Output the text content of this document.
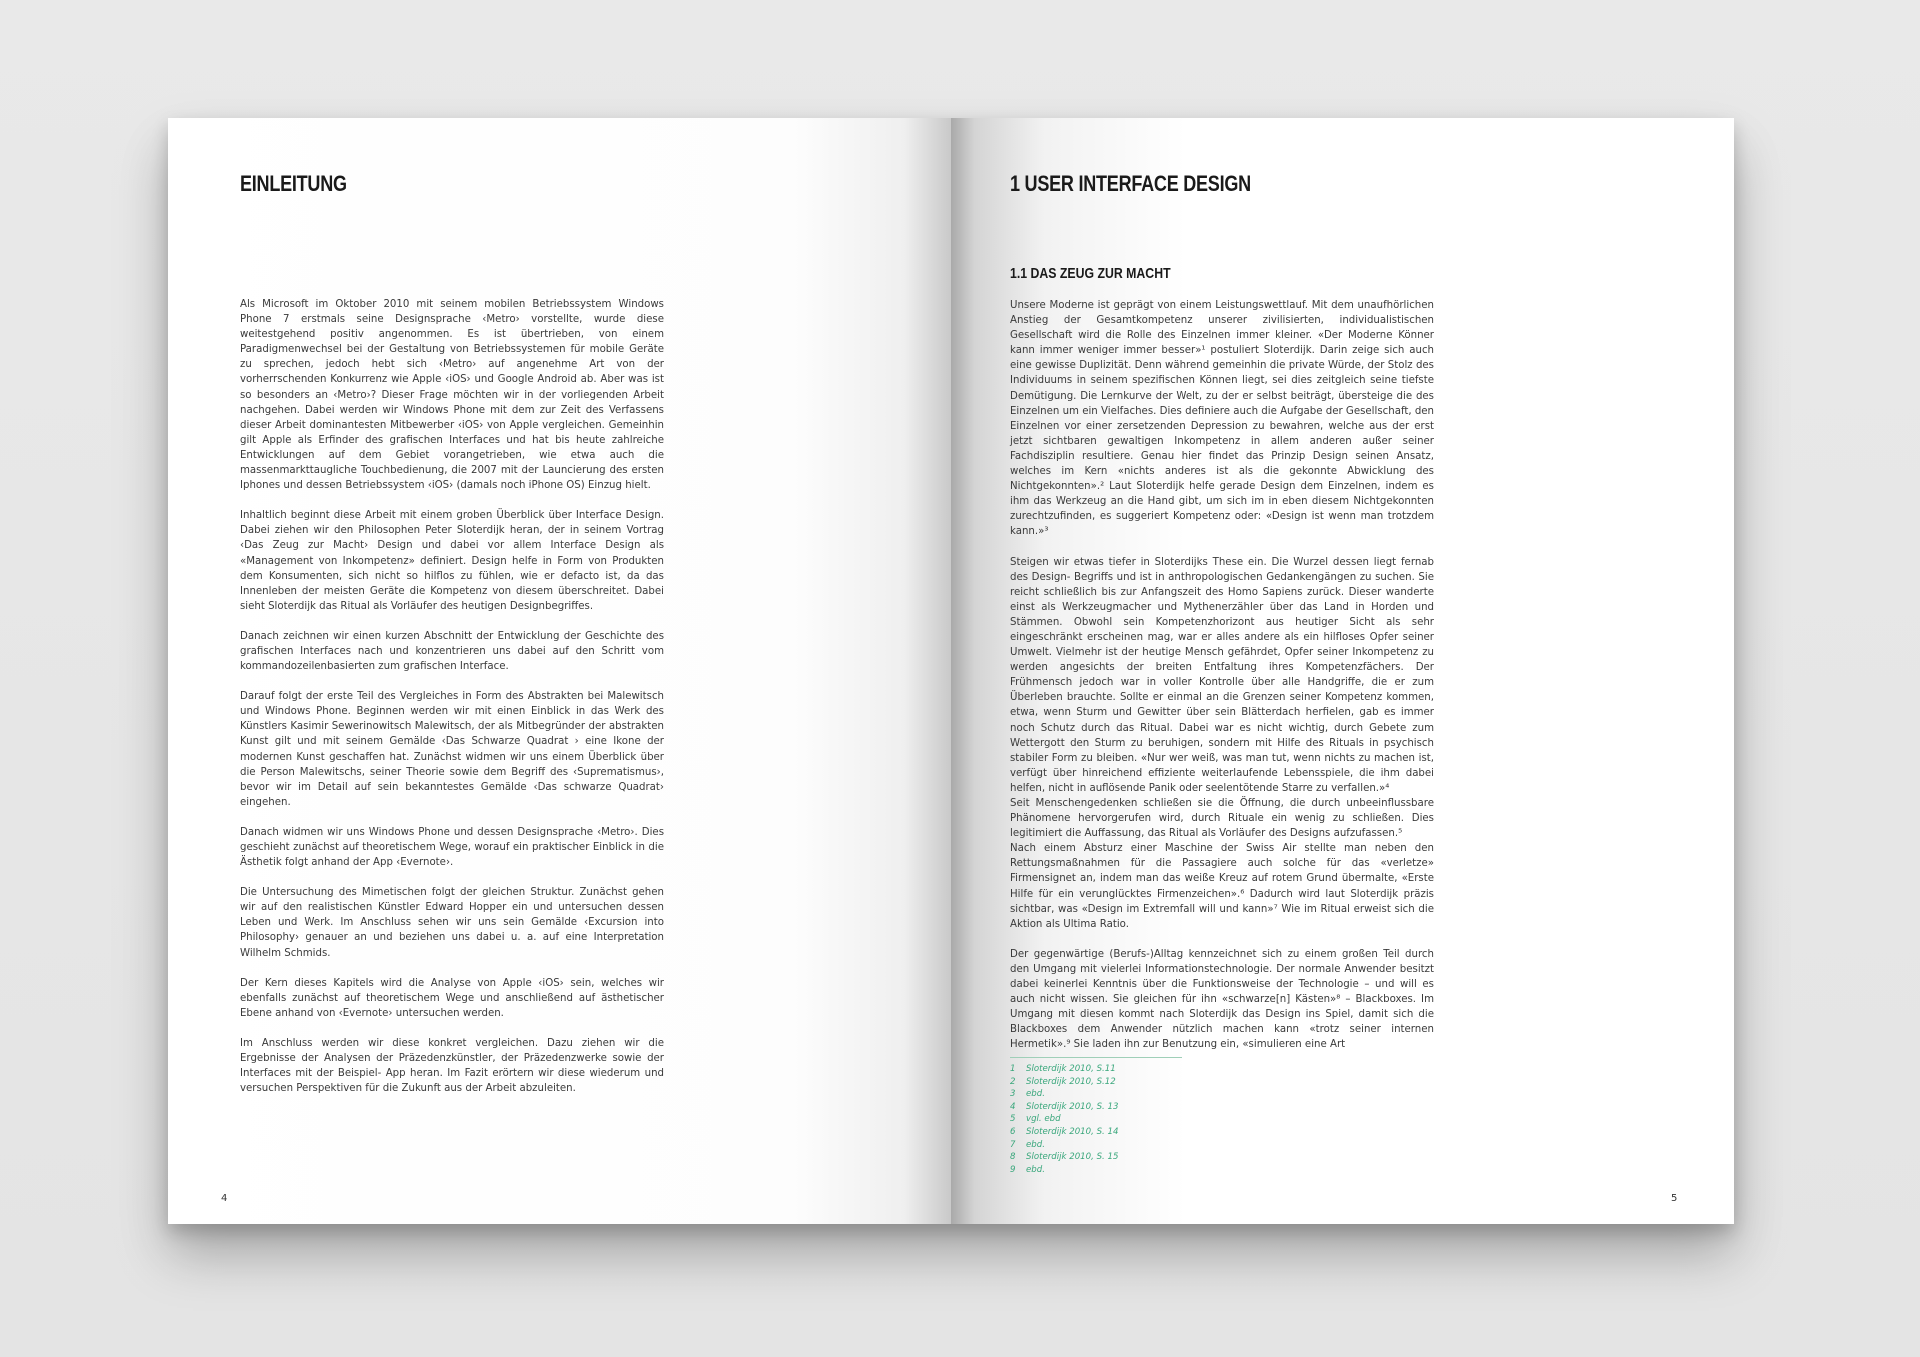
EINLEITUNG

Als Microsoft im Oktober 2010 mit seinem mobilen Betriebssystem Windows Phone 7 erstmals seine Designsprache ‹Metro› vorstellte, wurde diese weitestgehend positiv angenommen. Es ist übertrieben, von einem Paradigmenwechsel bei der Gestaltung von Betriebssystemen für mobile Geräte zu sprechen, jedoch hebt sich ‹Metro› auf angenehme Art von der vorherrschenden Konkurrenz wie Apple ‹iOS› und Google Android ab. Aber was ist so besonders an ‹Metro›? Dieser Frage möchten wir in der vorliegenden Arbeit nachgehen. Dabei werden wir Windows Phone mit dem zur Zeit des Verfassens dieser Arbeit dominantesten Mitbewerber ‹iOS› von Apple vergleichen. Gemeinhin gilt Apple als Erfinder des grafischen Interfaces und hat bis heute zahlreiche Entwicklungen auf dem Gebiet vorangetrieben, wie etwa auch die massenmarkttaugliche Touchbedienung, die 2007 mit der Launcierung des ersten Iphones und dessen Betriebssystem ‹iOS› (damals noch iPhone OS) Einzug hielt.

Inhaltlich beginnt diese Arbeit mit einem groben Überblick über Interface Design. Dabei ziehen wir den Philosophen Peter Sloterdijk heran, der in seinem Vortrag ‹Das Zeug zur Macht› Design und dabei vor allem Interface Design als «Management von Inkompetenz» definiert. Design helfe in Form von Produkten dem Konsumenten, sich nicht so hilflos zu fühlen, wie er defacto ist, da das Innenleben der meisten Geräte die Kompetenz von diesem überschreitet. Dabei sieht Sloterdijk das Ritual als Vorläufer des heutigen Designbegriffes.

Danach zeichnen wir einen kurzen Abschnitt der Entwicklung der Geschichte des grafischen Interfaces nach und konzentrieren uns dabei auf den Schritt vom kommandozeilenbasierten zum grafischen Interface.

Darauf folgt der erste Teil des Vergleiches in Form des Abstrakten bei Malewitsch und Windows Phone. Beginnen werden wir mit einen Einblick in das Werk des Künstlers Kasimir Sewerinowitsch Malewitsch, der als Mitbegründer der abstrakten Kunst gilt und mit seinem Gemälde ‹Das Schwarze Quadrat › eine Ikone der modernen Kunst geschaffen hat. Zunächst widmen wir uns einem Überblick über die Person Malewitschs, seiner Theorie sowie dem Begriff des ‹Suprematismus›, bevor wir im Detail auf sein bekanntestes Gemälde ‹Das schwarze Quadrat› eingehen.

Danach widmen wir uns Windows Phone und dessen Designsprache ‹Metro›. Dies geschieht zunächst auf theoretischem Wege, worauf ein praktischer Einblick in die Ästhetik folgt anhand der App ‹Evernote›.

Die Untersuchung des Mimetischen folgt der gleichen Struktur. Zunächst gehen wir auf den realistischen Künstler Edward Hopper ein und untersuchen dessen Leben und Werk. Im Anschluss sehen wir uns sein Gemälde ‹Excursion into Philosophy› genauer an und beziehen uns dabei u. a. auf eine Interpretation Wilhelm Schmids.

Der Kern dieses Kapitels wird die Analyse von Apple ‹iOS› sein, welches wir ebenfalls zunächst auf theoretischem Wege und anschließend auf ästhetischer Ebene anhand von ‹Evernote› untersuchen werden.

Im Anschluss werden wir diese konkret vergleichen. Dazu ziehen wir die Ergebnisse der Analysen der Präzedenzkünstler, der Präzedenzwerke sowie der Interfaces mit der Beispiel- App heran. Im Fazit erörtern wir diese wiederum und versuchen Perspektiven für die Zukunft aus der Arbeit abzuleiten.

4
1 USER INTERFACE DESIGN
1.1 DAS ZEUG ZUR MACHT

Unsere Moderne ist geprägt von einem Leistungswettlauf. Mit dem unaufhörlichen Anstieg der Gesamtkompetenz unserer zivilisierten, individualistischen Gesellschaft wird die Rolle des Einzelnen immer kleiner. «Der Moderne Könner kann immer weniger immer besser»¹ postuliert Sloterdijk. Darin zeige sich auch eine gewisse Duplizität. Denn während gemeinhin die private Würde, der Stolz des Individuums in seinem spezifischen Können liegt, sei dies zeitgleich seine tiefste Demütigung. Die Lernkurve der Welt, zu der er selbst beiträgt, übersteige die des Einzelnen um ein Vielfaches. Dies definiere auch die Aufgabe der Gesellschaft, den Einzelnen vor einer zersetzenden Depression zu bewahren, welche aus der erst jetzt sichtbaren gewaltigen Inkompetenz in allem anderen außer seiner Fachdisziplin resultiere. Genau hier findet das Prinzip Design seinen Ansatz, welches im Kern «nichts anderes ist als die gekonnte Abwicklung des Nichtgekonnten».² Laut Sloterdijk helfe gerade Design dem Einzelnen, indem es ihm das Werkzeug an die Hand gibt, um sich im in eben diesem Nichtgekonnten zurechtzufinden, es suggeriert Kompetenz oder: «Design ist wenn man trotzdem kann.»³

Steigen wir etwas tiefer in Sloterdijks These ein. Die Wurzel dessen liegt fernab des Design- Begriffs und ist in anthropologischen Gedankengängen zu suchen. Sie reicht schließlich bis zur Anfangszeit des Homo Sapiens zurück. Dieser wanderte einst als Werkzeugmacher und Mythenerzähler über das Land in Horden und Stämmen. Obwohl sein Kompetenzhorizont aus heutiger Sicht als sehr eingeschränkt erscheinen mag, war er alles andere als ein hilfloses Opfer seiner Umwelt. Vielmehr ist der heutige Mensch gefährdet, Opfer seiner Inkompetenz zu werden angesichts der breiten Entfaltung ihres Kompetenzfächers. Der Frühmensch jedoch war in voller Kontrolle über alle Handgriffe, die er zum Überleben brauchte. Sollte er einmal an die Grenzen seiner Kompetenz kommen, etwa, wenn Sturm und Gewitter über sein Blätterdach herfielen, gab es immer noch Schutz durch das Ritual. Dabei war es nicht wichtig, durch Gebete zum Wettergott den Sturm zu beruhigen, sondern mit Hilfe des Rituals in psychisch stabiler Form zu bleiben. «Nur wer weiß, was man tut, wenn nichts zu machen ist, verfügt über hinreichend effiziente weiterlaufende Lebensspiele, die ihm dabei helfen, nicht in auflösende Panik oder seelentötende Starre zu verfallen.»⁴
Seit Menschengedenken schließen sie die Öffnung, die durch unbeeinflussbare Phänomene hervorgerufen wird, durch Rituale ein wenig zu schließen. Dies legitimiert die Auffassung, das Ritual als Vorläufer des Designs aufzufassen.⁵
Nach einem Absturz einer Maschine der Swiss Air stellte man neben den Rettungsmaßnahmen für die Passagiere auch solche für das «verletze» Firmensignet an, indem man das weiße Kreuz auf rotem Grund übermalte, «Erste Hilfe für ein verunglücktes Firmenzeichen».⁶ Dadurch wird laut Sloterdijk präzis sichtbar, was «Design im Extremfall will und kann»⁷ Wie im Ritual erweist sich die Aktion als Ultima Ratio.

Der gegenwärtige (Berufs-)Alltag kennzeichnet sich zu einem großen Teil durch den Umgang mit vielerlei Informationstechnologie. Der normale Anwender besitzt dabei keinerlei Kenntnis über die Funktionsweise der Technologie – und will es auch nicht wissen. Sie gleichen für ihn «schwarze[n] Kästen»⁸ – Blackboxes. Im Umgang mit diesen kommt nach Sloterdijk das Design ins Spiel, damit sich die Blackboxes dem Anwender nützlich machen kann «trotz seiner internen Hermetik».⁹ Sie laden ihn zur Benutzung ein, «simulieren eine Art

1 Sloterdijk 2010, S.11
2 Sloterdijk 2010, S.12
3 ebd.
4 Sloterdijk 2010, S. 13
5 vgl. ebd
6 Sloterdijk 2010, S. 14
7 ebd.
8 Sloterdijk 2010, S. 15
9 ebd.
5
